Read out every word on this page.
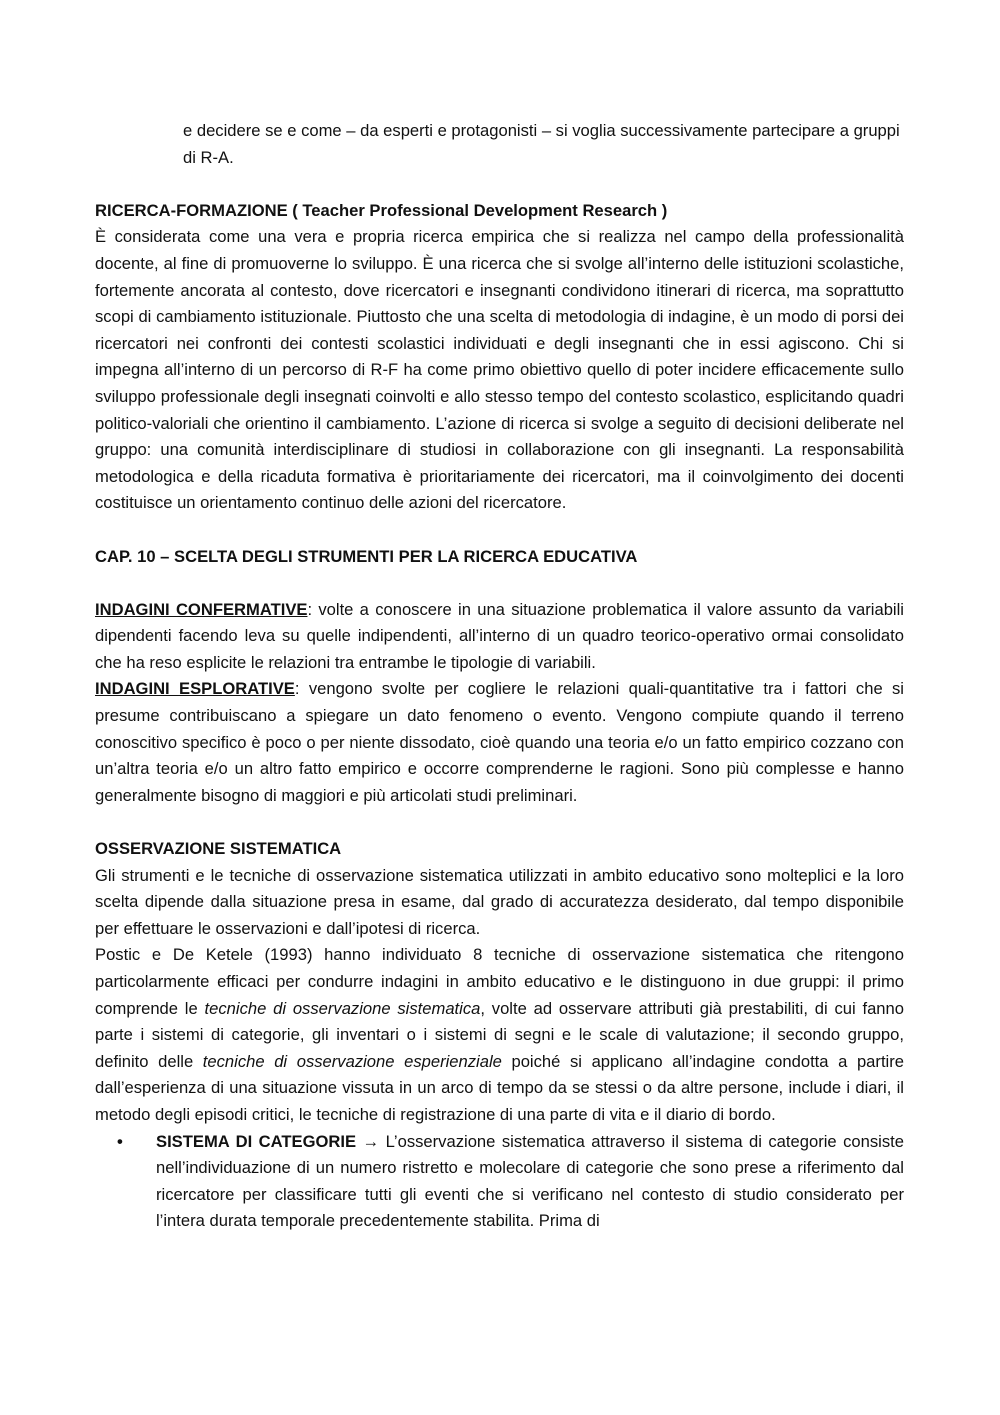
e decidere se e come – da esperti e protagonisti – si voglia successivamente partecipare a gruppi di R-A.

RICERCA-FORMAZIONE ( Teacher Professional Development Research )

È considerata come una vera e propria ricerca empirica che si realizza nel campo della professionalità docente, al fine di promuoverne lo sviluppo. È una ricerca che si svolge all’interno delle istituzioni scolastiche, fortemente ancorata al contesto, dove ricercatori e insegnanti condividono itinerari di ricerca, ma soprattutto scopi di cambiamento istituzionale. Piuttosto che una scelta di metodologia di indagine, è un modo di porsi dei ricercatori nei confronti dei contesti scolastici individuati e degli insegnanti che in essi agiscono. Chi si impegna all’interno di un percorso di R-F ha come primo obiettivo quello di poter incidere efficacemente sullo sviluppo professionale degli insegnati coinvolti e allo stesso tempo del contesto scolastico, esplicitando quadri politico-valoriali che orientino il cambiamento. L’azione di ricerca si svolge a seguito di decisioni deliberate nel gruppo: una comunità interdisciplinare di studiosi in collaborazione con gli insegnanti. La responsabilità metodologica e della ricaduta formativa è prioritariamente dei ricercatori, ma il coinvolgimento dei docenti costituisce un orientamento continuo delle azioni del ricercatore.

CAP. 10 – SCELTA DEGLI STRUMENTI PER LA RICERCA EDUCATIVA

INDAGINI CONFERMATIVE: volte a conoscere in una situazione problematica il valore assunto da variabili dipendenti facendo leva su quelle indipendenti, all’interno di un quadro teorico-operativo ormai consolidato che ha reso esplicite le relazioni tra entrambe le tipologie di variabili.

INDAGINI ESPLORATIVE: vengono svolte per cogliere le relazioni quali-quantitative tra i fattori che si presume contribuiscano a spiegare un dato fenomeno o evento. Vengono compiute quando il terreno conoscitivo specifico è poco o per niente dissodato, cioè quando una teoria e/o un fatto empirico cozzano con un’altra teoria e/o un altro fatto empirico e occorre comprenderne le ragioni. Sono più complesse e hanno generalmente bisogno di maggiori e più articolati studi preliminari.

OSSERVAZIONE SISTEMATICA

Gli strumenti e le tecniche di osservazione sistematica utilizzati in ambito educativo sono molteplici e la loro scelta dipende dalla situazione presa in esame, dal grado di accuratezza desiderato, dal tempo disponibile per effettuare le osservazioni e dall’ipotesi di ricerca.

Postic e De Ketele (1993) hanno individuato 8 tecniche di osservazione sistematica che ritengono particolarmente efficaci per condurre indagini in ambito educativo e le distinguono in due gruppi: il primo comprende le tecniche di osservazione sistematica, volte ad osservare attributi già prestabiliti, di cui fanno parte i sistemi di categorie, gli inventari o i sistemi di segni e le scale di valutazione; il secondo gruppo, definito delle tecniche di osservazione esperienziale poiché si applicano all’indagine condotta a partire dall’esperienza di una situazione vissuta in un arco di tempo da se stessi o da altre persone, include i diari, il metodo degli episodi critici, le tecniche di registrazione di una parte di vita e il diario di bordo.

• SISTEMA DI CATEGORIE → L’osservazione sistematica attraverso il sistema di categorie consiste nell’individuazione di un numero ristretto e molecolare di categorie che sono prese a riferimento dal ricercatore per classificare tutti gli eventi che si verificano nel contesto di studio considerato per l’intera durata temporale precedentemente stabilita. Prima di
